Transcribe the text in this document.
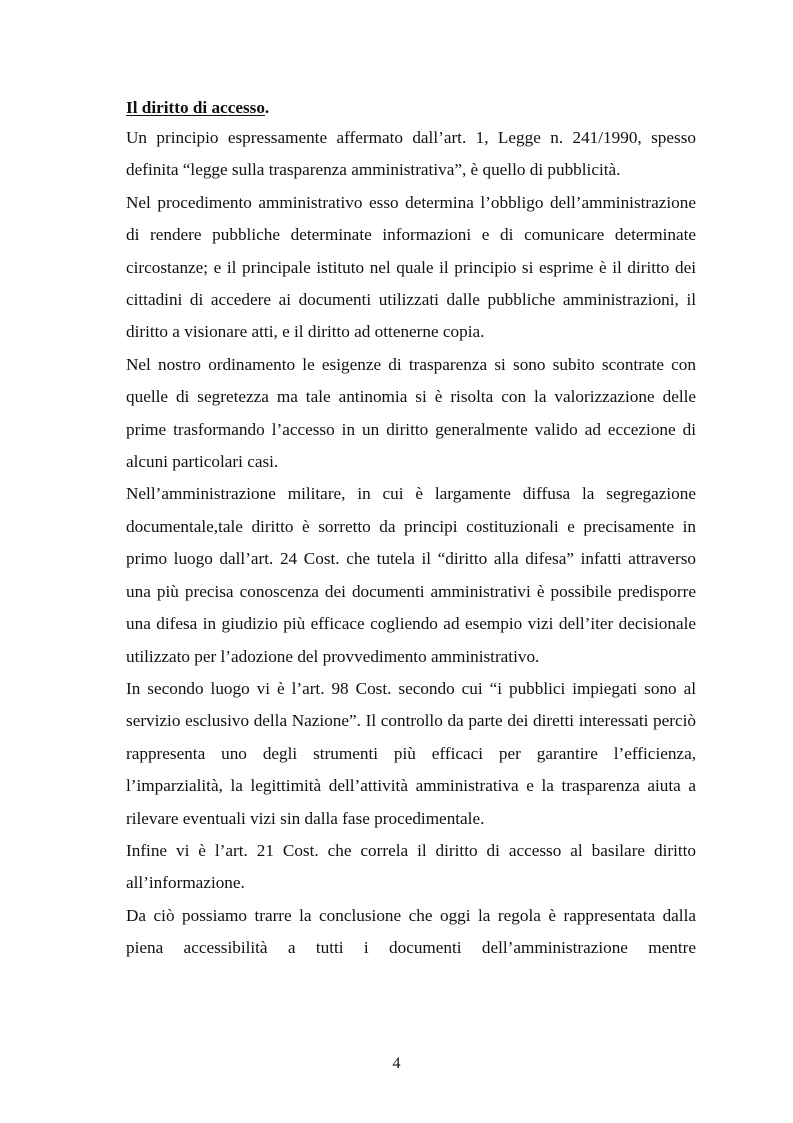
Il diritto di accesso.

Un principio espressamente affermato dall’art. 1, Legge n. 241/1990, spesso definita “legge sulla trasparenza amministrativa”, è quello di pubblicità.

Nel procedimento amministrativo esso determina l’obbligo dell’amministrazione di rendere pubbliche determinate informazioni e di comunicare determinate circostanze; e il principale istituto nel quale il principio si esprime è il diritto dei cittadini di accedere ai documenti utilizzati dalle pubbliche amministrazioni, il diritto a visionare atti, e il diritto ad ottenerne copia.

Nel nostro ordinamento le esigenze di trasparenza si sono subito scontrate con quelle di segretezza ma tale antinomia si è risolta con la valorizzazione delle prime trasformando l’accesso in un diritto generalmente valido ad eccezione di alcuni particolari casi.

Nell’amministrazione militare, in cui è largamente diffusa la segregazione documentale,tale diritto è sorretto da principi costituzionali e precisamente in primo luogo dall’art. 24 Cost. che tutela il “diritto alla difesa” infatti attraverso una più precisa conoscenza dei documenti amministrativi è possibile predisporre una difesa in giudizio più efficace cogliendo ad esempio vizi dell’iter decisionale utilizzato per l’adozione del provvedimento amministrativo.

In secondo luogo vi è l’art. 98 Cost. secondo cui “i pubblici impiegati sono al servizio esclusivo della Nazione”. Il controllo da parte dei diretti interessati perciò rappresenta uno degli strumenti più efficaci per garantire l’efficienza, l’imparzialità, la legittimità dell’attività amministrativa e la trasparenza aiuta a rilevare eventuali vizi sin dalla fase procedimentale.

Infine vi è l’art. 21 Cost. che correla il diritto di accesso al basilare diritto all’informazione.

Da ciò possiamo trarre la conclusione che oggi la regola è rappresentata dalla piena accessibilità a tutti i documenti dell’amministrazione mentre

4
